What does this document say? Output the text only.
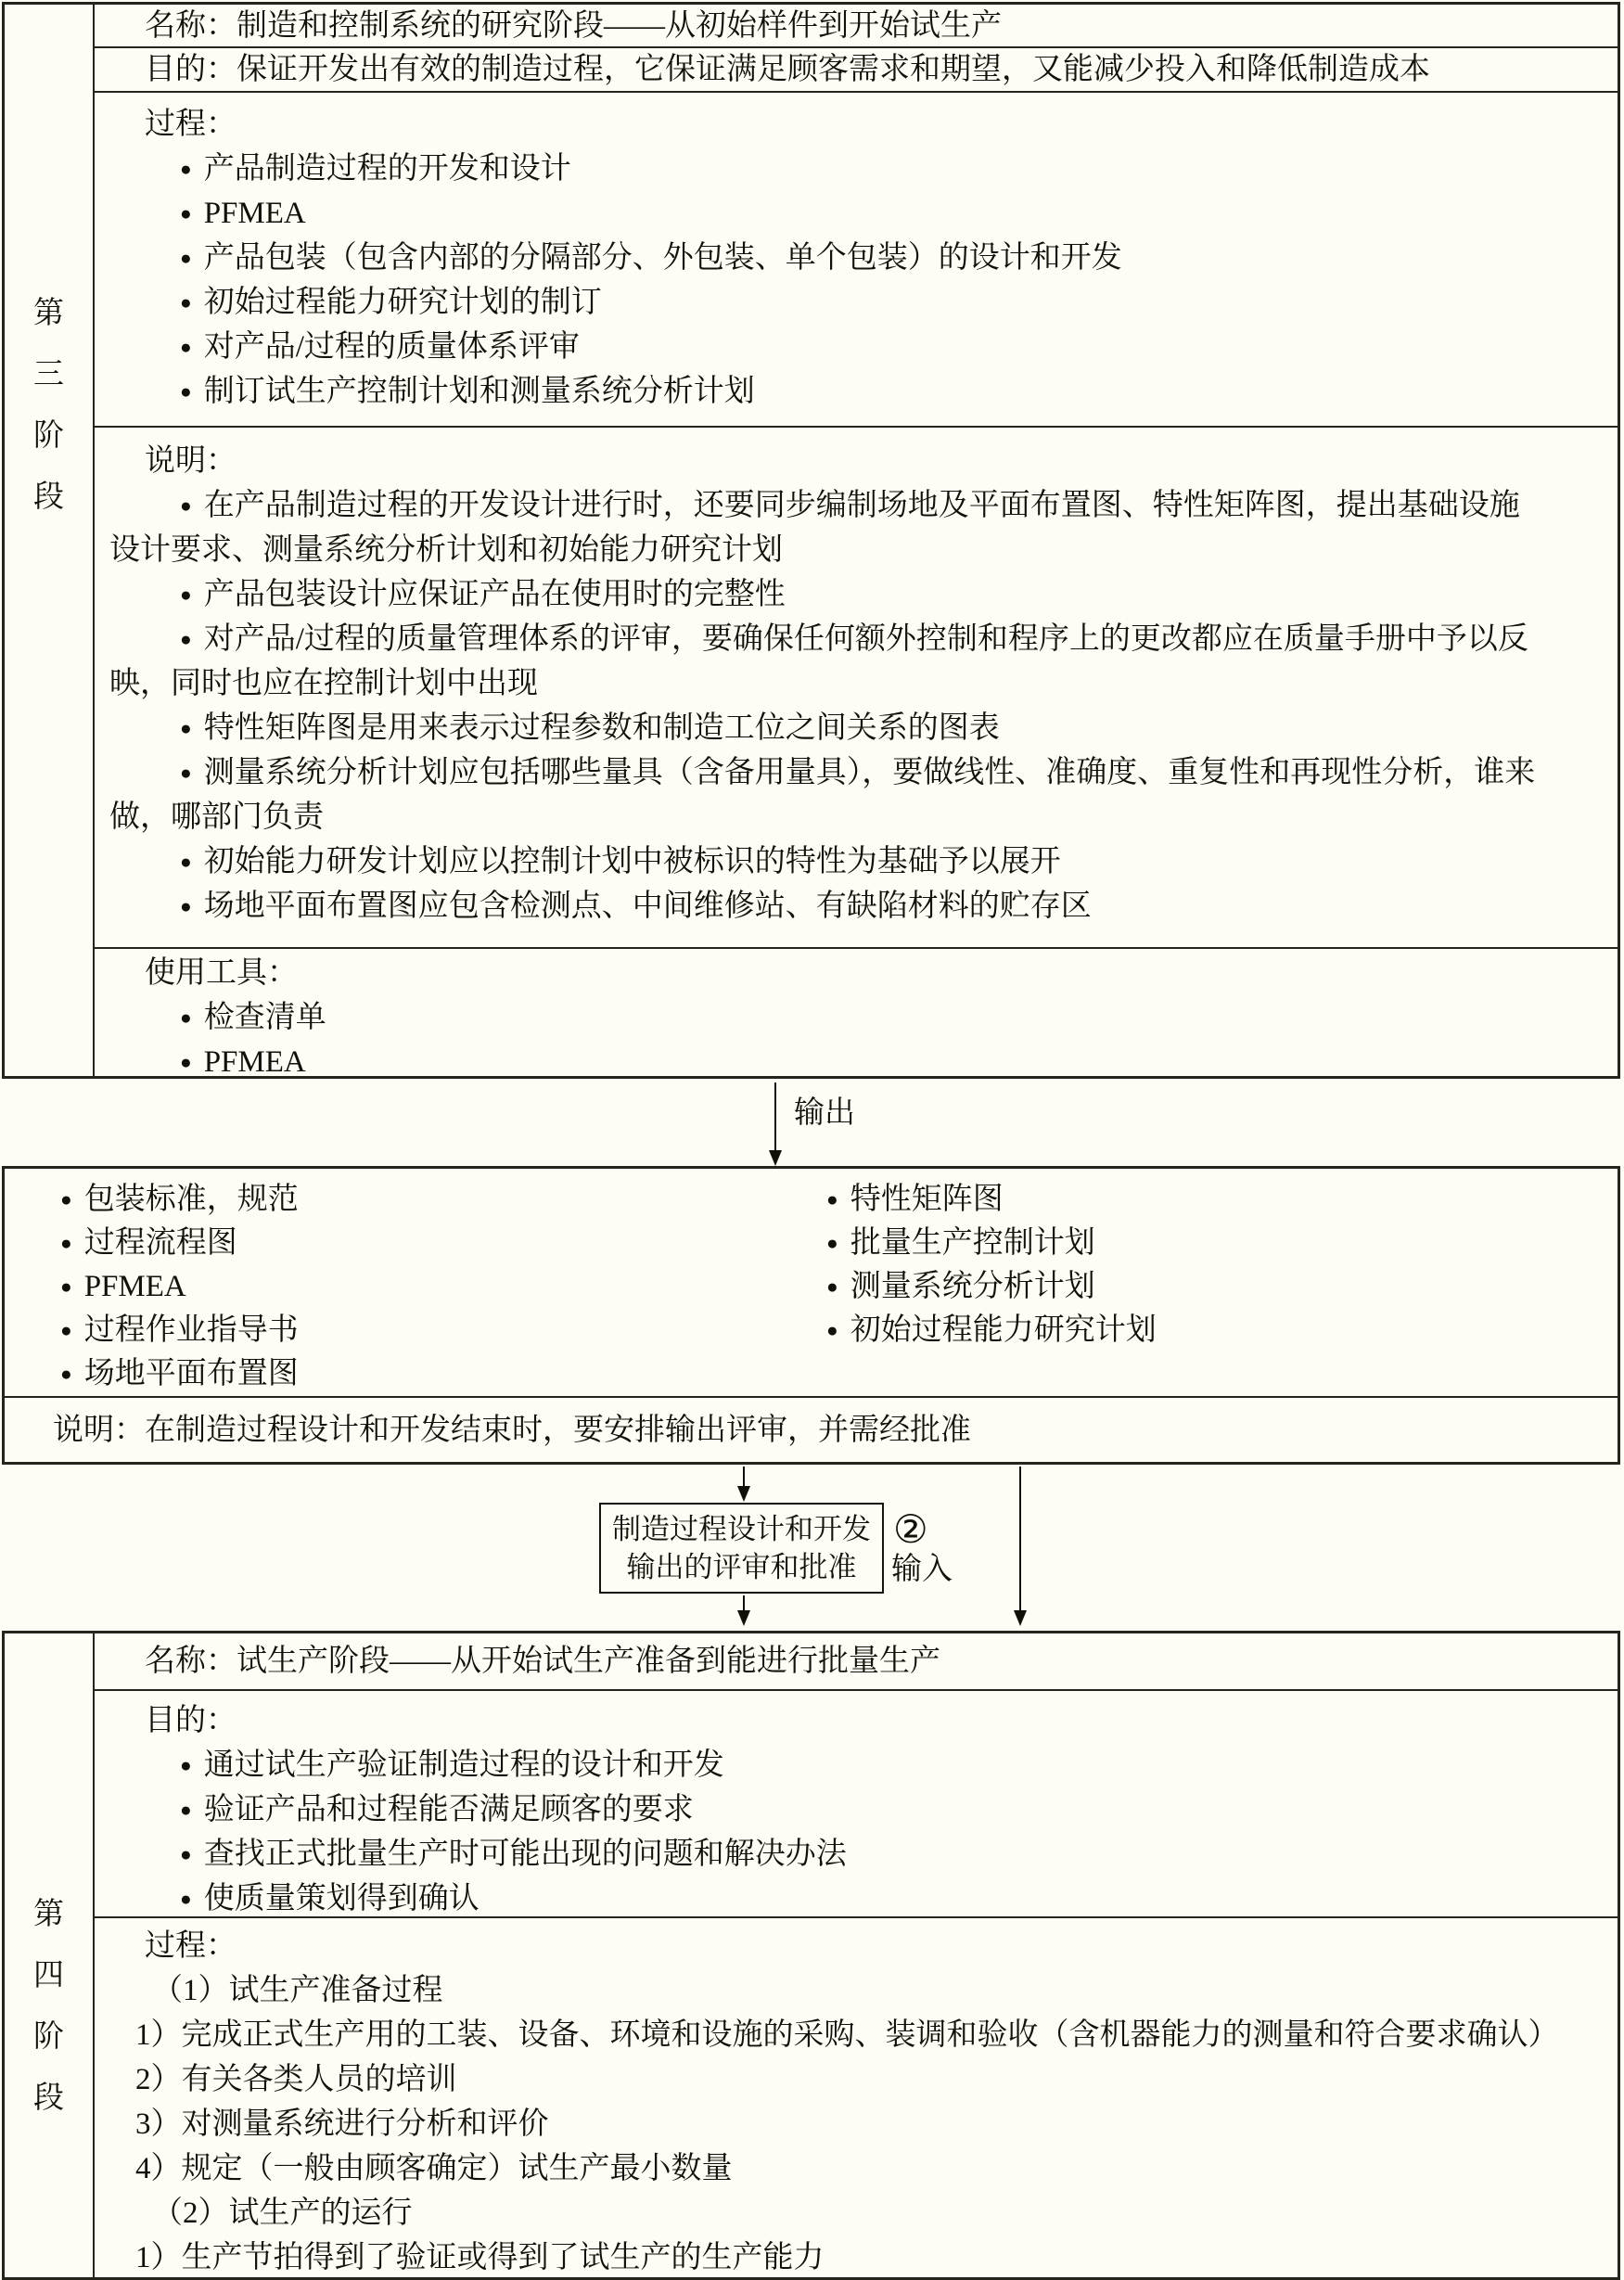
第三阶段

名称：制造和控制系统的研究阶段——从初始样件到开始试生产

目的：保证开发出有效的制造过程，它保证满足顾客需求和期望，又能减少投入和降低制造成本

过程：

●产品制造过程的开发和设计

●PFMEA

●产品包装（包含内部的分隔部分、外包装、单个包装）的设计和开发

●初始过程能力研究计划的制订

●对产品/过程的质量体系评审

●制订试生产控制计划和测量系统分析计划

说明：

●在产品制造过程的开发设计进行时，还要同步编制场地及平面布置图、特性矩阵图，提出基础设施设计要求、测量系统分析计划和初始能力研究计划

●产品包装设计应保证产品在使用时的完整性

●对产品/过程的质量管理体系的评审，要确保任何额外控制和程序上的更改都应在质量手册中予以反映，同时也应在控制计划中出现

●特性矩阵图是用来表示过程参数和制造工位之间关系的图表

●测量系统分析计划应包括哪些量具（含备用量具），要做线性、准确度、重复性和再现性分析，谁来做，哪部门负责

●初始能力研发计划应以控制计划中被标识的特性为基础予以展开

●场地平面布置图应包含检测点、中间维修站、有缺陷材料的贮存区

使用工具：

●检查清单

●PFMEA

输出

●包装标准，规范

●过程流程图

●PFMEA

●过程作业指导书

●场地平面布置图

●特性矩阵图

●批量生产控制计划

●测量系统分析计划

●初始过程能力研究计划

说明：在制造过程设计和开发结束时，要安排输出评审，并需经批准

制造过程设计和开发

输出的评审和批准

②
输入
第四阶段

名称：试生产阶段——从开始试生产准备到能进行批量生产

目的：

●通过试生产验证制造过程的设计和开发

●验证产品和过程能否满足顾客的要求

●查找正式批量生产时可能出现的问题和解决办法

●使质量策划得到确认

过程：

（1）试生产准备过程

1）完成正式生产用的工装、设备、环境和设施的采购、装调和验收（含机器能力的测量和符合要求确认）

2）有关各类人员的培训

3）对测量系统进行分析和评价

4）规定（一般由顾客确定）试生产最小数量

（2）试生产的运行

1）生产节拍得到了验证或得到了试生产的生产能力
